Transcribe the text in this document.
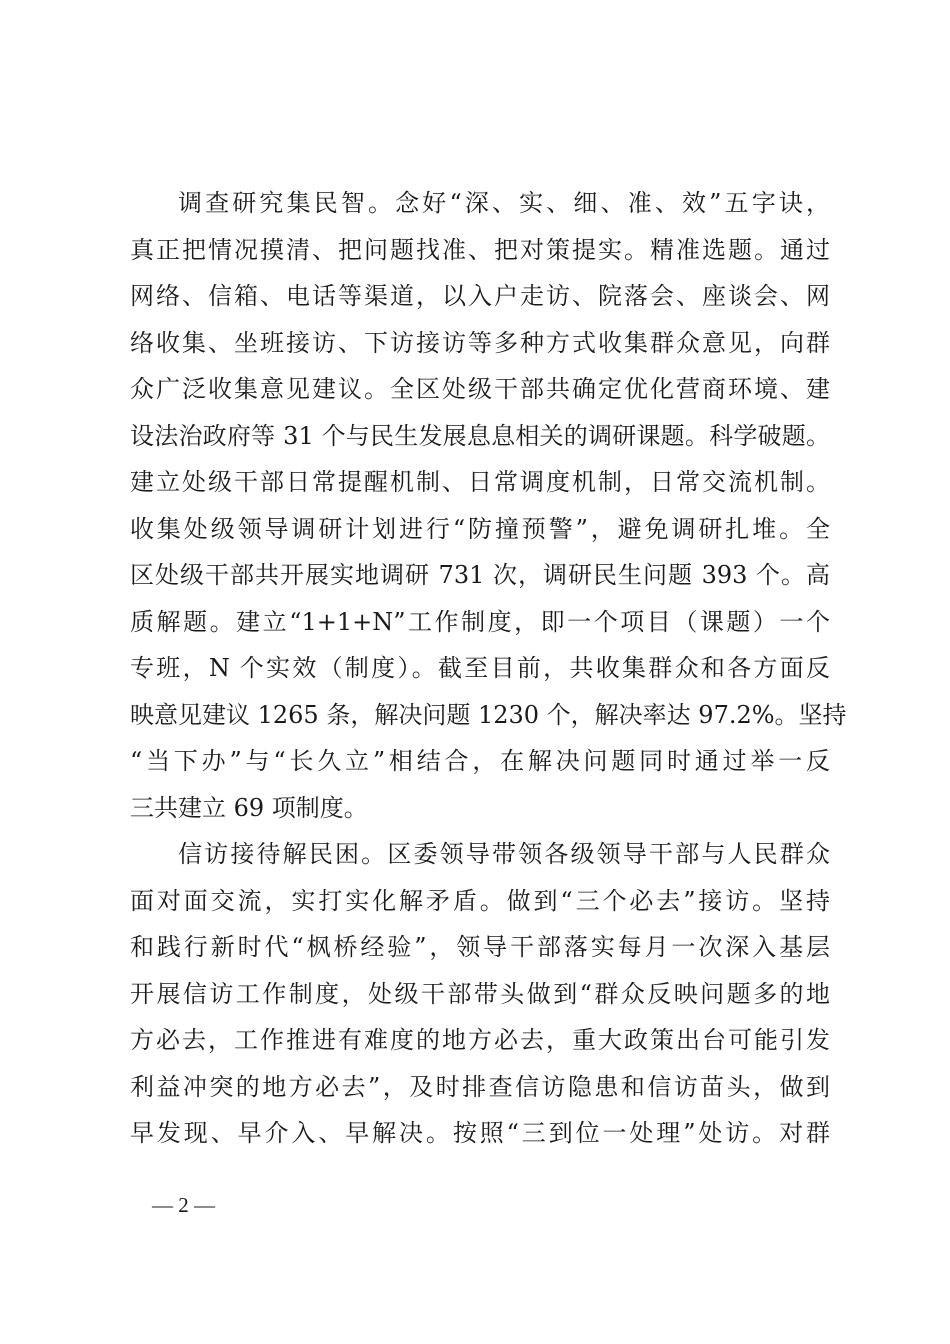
调查研究集民智。念好“深、实、细、准、效”五字诀，
真正把情况摸清、把问题找准、把对策提实。精准选题。通过
网络、信箱、电话等渠道，以入户走访、院落会、座谈会、网
络收集、坐班接访、下访接访等多种方式收集群众意见，向群
众广泛收集意见建议。全区处级干部共确定优化营商环境、建
设法治政府等 31 个与民生发展息息相关的调研课题。科学破题。
建立处级干部日常提醒机制、日常调度机制，日常交流机制。
收集处级领导调研计划进行“防撞预警”，避免调研扎堆。全
区处级干部共开展实地调研 731 次，调研民生问题 393 个。高
质解题。建立“1+1+N”工作制度，即一个项目（课题）一个
专班，N 个实效（制度）。截至目前，共收集群众和各方面反
映意见建议 1265 条，解决问题 1230 个，解决率达 97.2%。坚持
“当下办”与“长久立”相结合，在解决问题同时通过举一反
三共建立 69 项制度。
信访接待解民困。区委领导带领各级领导干部与人民群众
面对面交流，实打实化解矛盾。做到“三个必去”接访。坚持
和践行新时代“枫桥经验”，领导干部落实每月一次深入基层
开展信访工作制度，处级干部带头做到“群众反映问题多的地
方必去，工作推进有难度的地方必去，重大政策出台可能引发
利益冲突的地方必去”，及时排查信访隐患和信访苗头，做到
早发现、早介入、早解决。按照“三到位一处理”处访。对群
— 2 —
